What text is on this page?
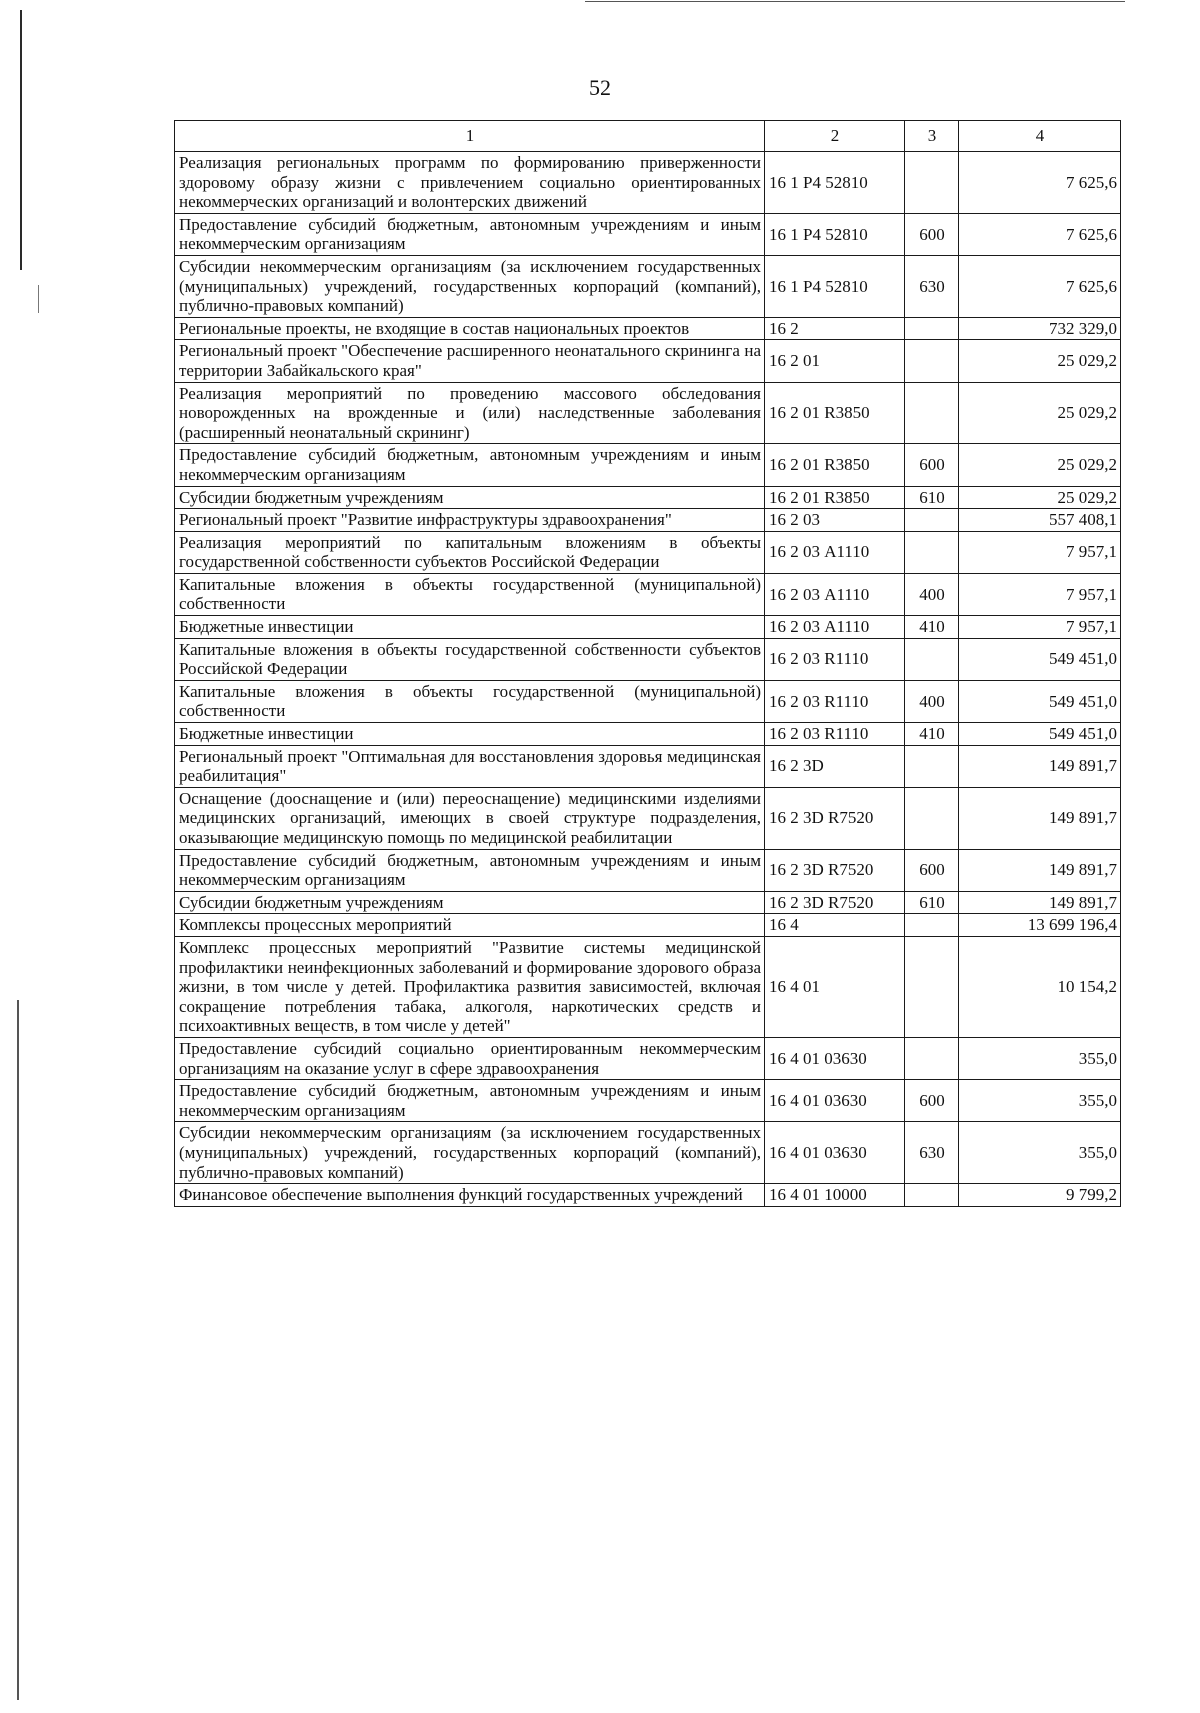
52
1	2	3	4
Реализация региональных программ по формированию приверженности здоровому образу жизни с привлечением социально ориентированных некоммерческих организаций и волонтерских движений	16 1 Р4 52810		7 625,6
Предоставление субсидий бюджетным, автономным учреждениям и иным некоммерческим организациям	16 1 Р4 52810	600	7 625,6
Субсидии некоммерческим организациям (за исключением государственных (муниципальных) учреждений, государственных корпораций (компаний), публично-правовых компаний)	16 1 Р4 52810	630	7 625,6
Региональные проекты, не входящие в состав национальных проектов	16 2		732 329,0
Региональный проект "Обеспечение расширенного неонатального скрининга на территории Забайкальского края"	16 2 01		25 029,2
Реализация мероприятий по проведению массового обследования новорожденных на врожденные и (или) наследственные заболевания (расширенный неонатальный скрининг)	16 2 01 R3850		25 029,2
Предоставление субсидий бюджетным, автономным учреждениям и иным некоммерческим организациям	16 2 01 R3850	600	25 029,2
Субсидии бюджетным учреждениям	16 2 01 R3850	610	25 029,2
Региональный проект "Развитие инфраструктуры здравоохранения"	16 2 03		557 408,1
Реализация мероприятий по капитальным вложениям в объекты государственной собственности субъектов Российской Федерации	16 2 03 А1110		7 957,1
Капитальные вложения в объекты государственной (муниципальной) собственности	16 2 03 А1110	400	7 957,1
Бюджетные инвестиции	16 2 03 А1110	410	7 957,1
Капитальные вложения в объекты государственной собственности субъектов Российской Федерации	16 2 03 R1110		549 451,0
Капитальные вложения в объекты государственной (муниципальной) собственности	16 2 03 R1110	400	549 451,0
Бюджетные инвестиции	16 2 03 R1110	410	549 451,0
Региональный проект "Оптимальная для восстановления здоровья медицинская реабилитация"	16 2 3D		149 891,7
Оснащение (дооснащение и (или) переоснащение) медицинскими изделиями медицинских организаций, имеющих в своей структуре подразделения, оказывающие медицинскую помощь по медицинской реабилитации	16 2 3D R7520		149 891,7
Предоставление субсидий бюджетным, автономным учреждениям и иным некоммерческим организациям	16 2 3D R7520	600	149 891,7
Субсидии бюджетным учреждениям	16 2 3D R7520	610	149 891,7
Комплексы процессных мероприятий	16 4		13 699 196,4
Комплекс процессных мероприятий "Развитие системы медицинской профилактики неинфекционных заболеваний и формирование здорового образа жизни, в том числе у детей. Профилактика развития зависимостей, включая сокращение потребления табака, алкоголя, наркотических средств и психоактивных веществ, в том числе у детей"	16 4 01		10 154,2
Предоставление субсидий социально ориентированным некоммерческим организациям на оказание услуг в сфере здравоохранения	16 4 01 03630		355,0
Предоставление субсидий бюджетным, автономным учреждениям и иным некоммерческим организациям	16 4 01 03630	600	355,0
Субсидии некоммерческим организациям (за исключением государственных (муниципальных) учреждений, государственных корпораций (компаний), публично-правовых компаний)	16 4 01 03630	630	355,0
Финансовое обеспечение выполнения функций государственных учреждений	16 4 01 10000		9 799,2
